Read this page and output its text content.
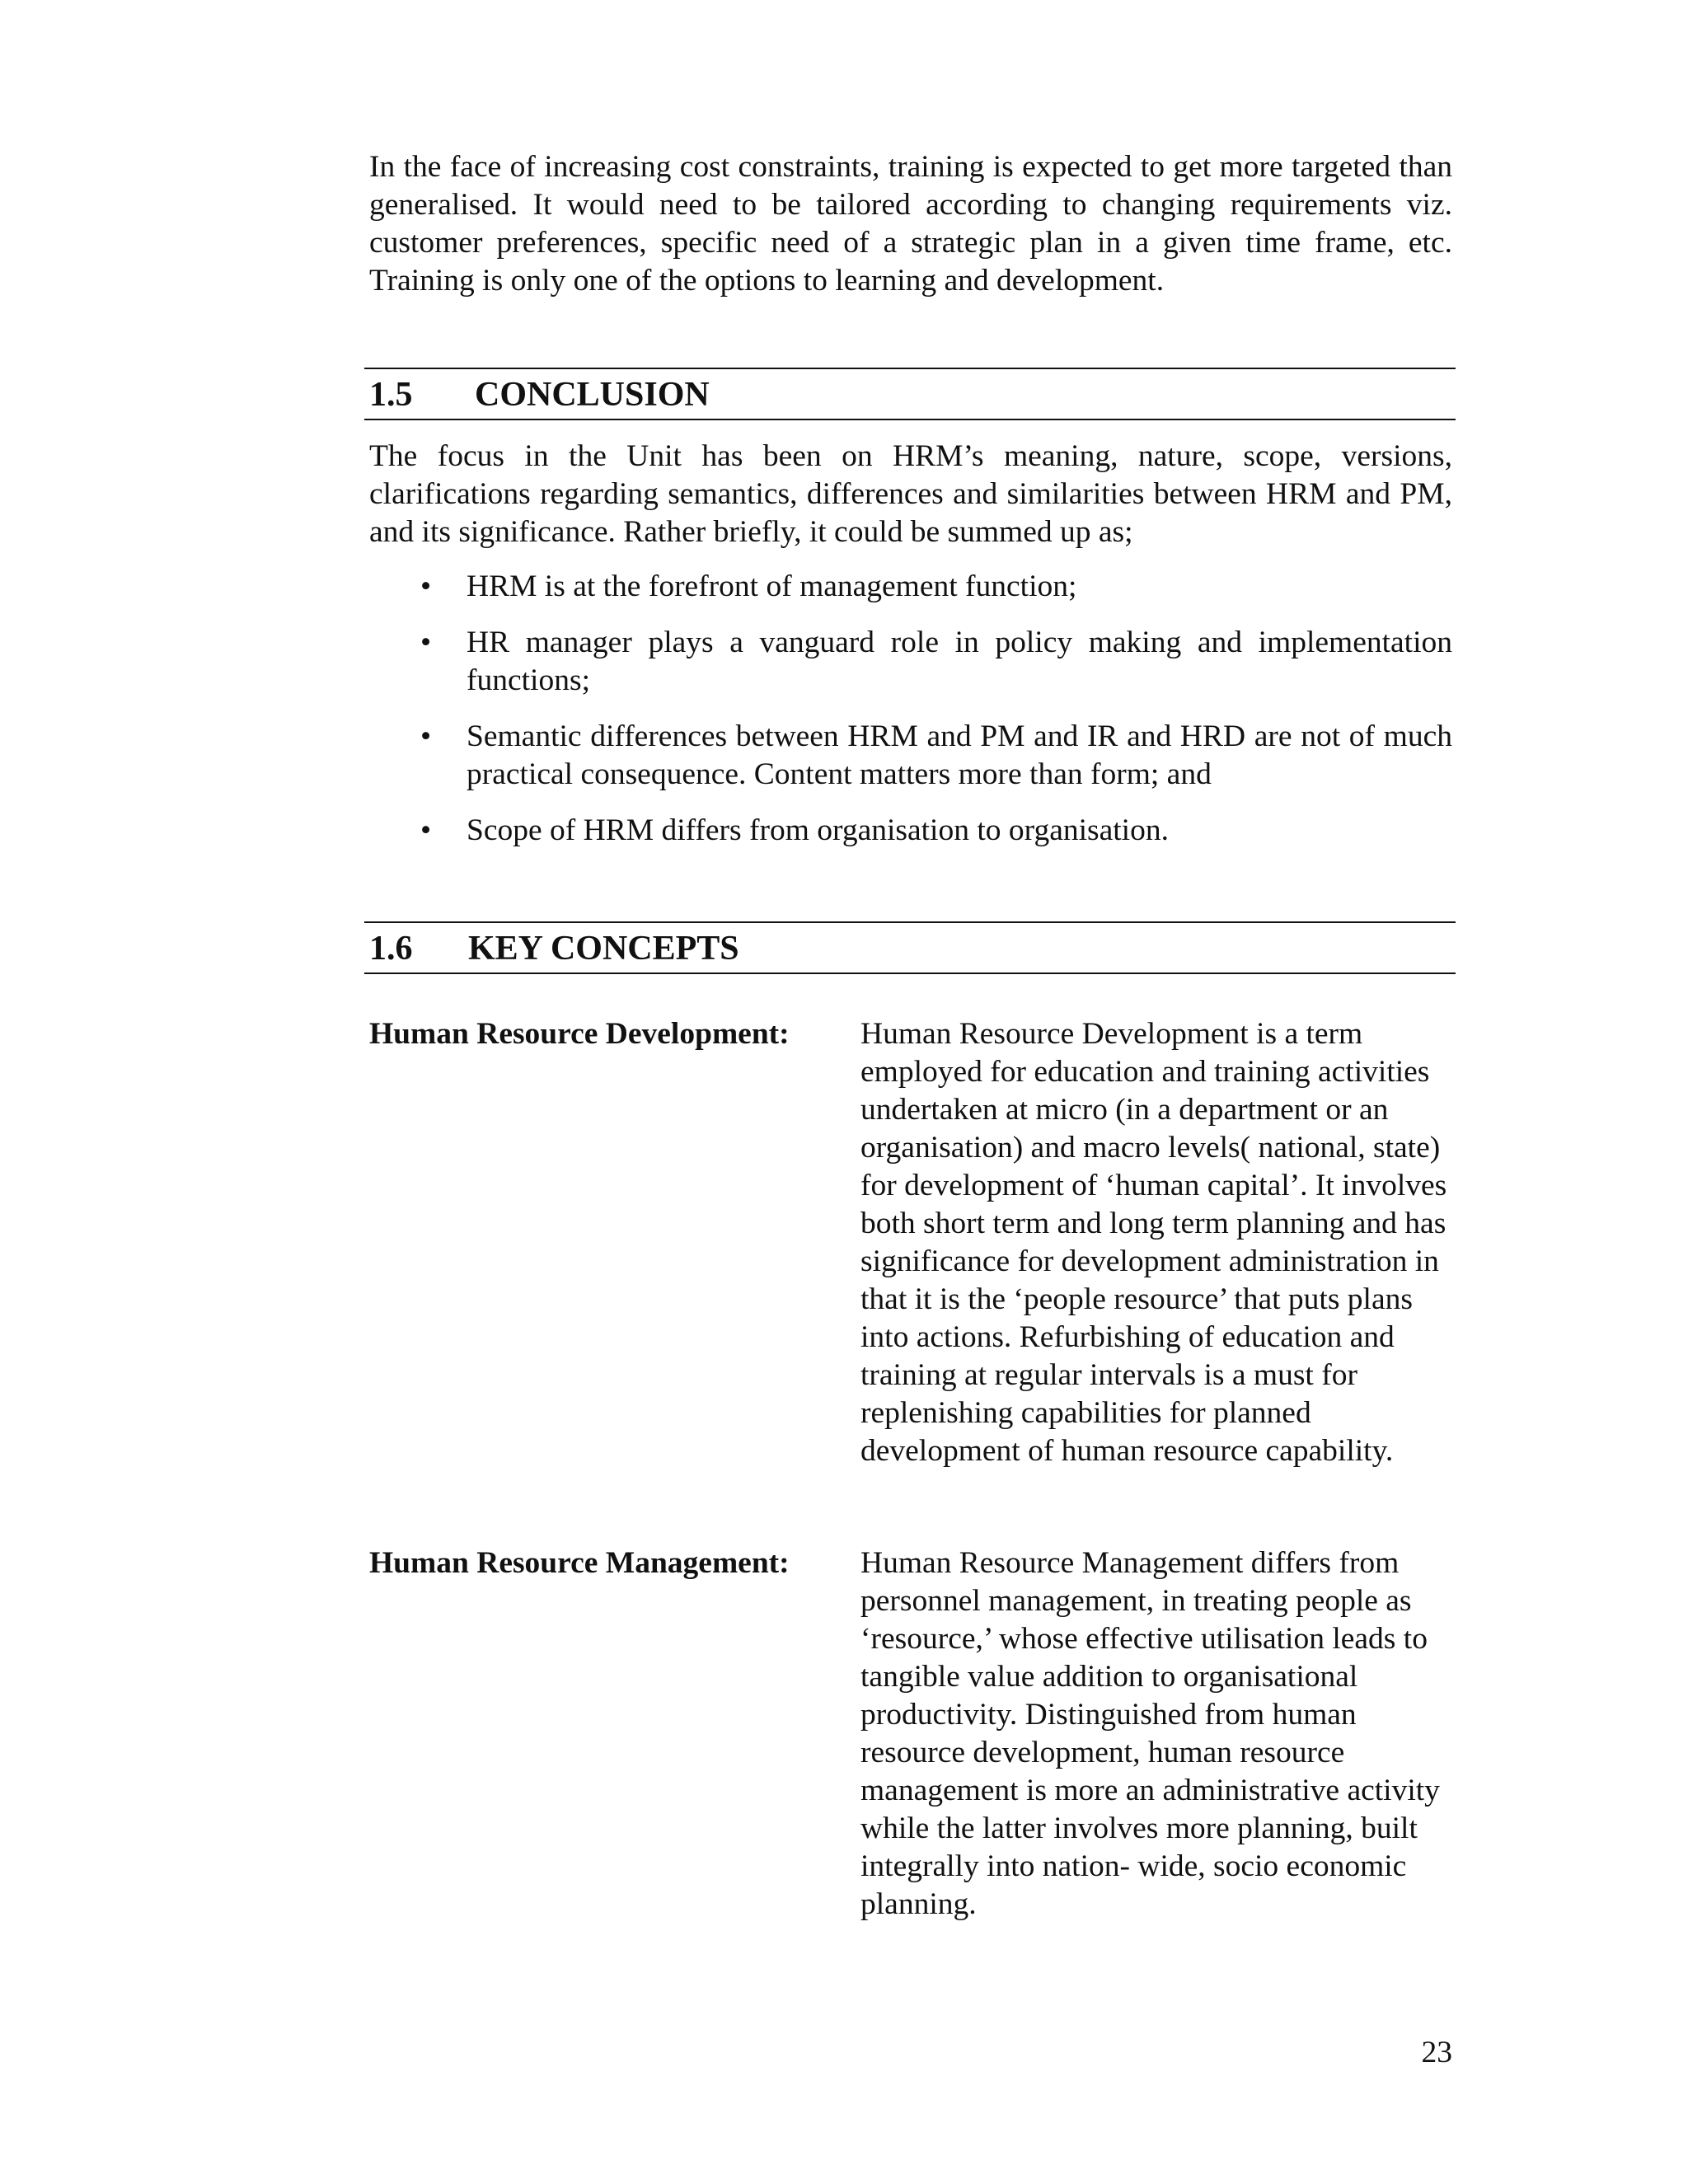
In the face of increasing cost constraints, training is expected to get more targeted than generalised. It would need to be tailored according to changing requirements viz. customer preferences, specific need of a strategic plan in a given time frame, etc. Training is only one of the options to learning and development.

1.5 CONCLUSION

The focus in the Unit has been on HRM’s meaning, nature, scope, versions, clarifications regarding semantics, differences and similarities between HRM and PM, and its significance. Rather briefly, it could be summed up as;

• HRM is at the forefront of management function;
• HR manager plays a vanguard role in policy making and implementation functions;
• Semantic differences between HRM and PM and IR and HRD are not of much practical consequence. Content matters more than form; and
• Scope of HRM differs from organisation to organisation.
1.6 KEY CONCEPTS
Human Resource Development: Human Resource Development is a term employed for education and training activities undertaken at micro (in a department or an organisation) and macro levels( national, state) for development of ‘human capital’. It involves both short term and long term planning and has significance for development administration in that it is the ‘people resource’ that puts plans into actions. Refurbishing of education and training at regular intervals is a must for replenishing capabilities for planned development of human resource capability.

Human Resource Management: Human Resource Management differs from personnel management, in treating people as ‘resource,’ whose effective utilisation leads to tangible value addition to organisational productivity. Distinguished from human resource development, human resource management is more an administrative activity while the latter involves more planning, built integrally into nation- wide, socio economic planning.

23
